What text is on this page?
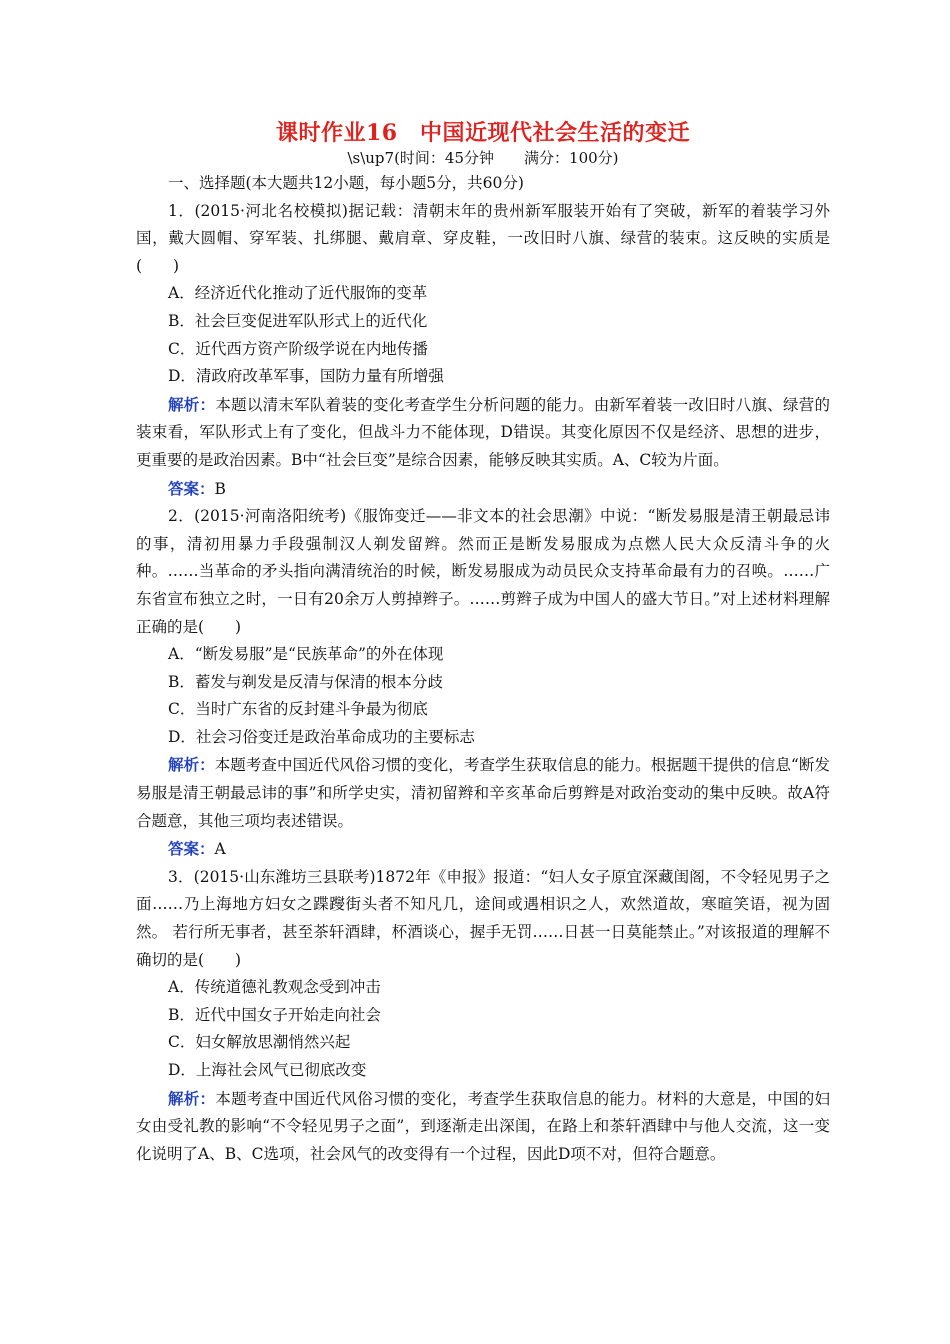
课时作业16　中国近现代社会生活的变迁

\s\up7(时间：45分钟　　满分：100分)

一、选择题(本大题共12小题，每小题5分，共60分)

1．(2015·河北名校模拟)据记载：清朝末年的贵州新军服装开始有了突破，新军的着装学习外国，戴大圆帽、穿军装、扎绑腿、戴肩章、穿皮鞋，一改旧时八旗、绿营的装束。这反映的实质是(　　)

A．经济近代化推动了近代服饰的变革

B．社会巨变促进军队形式上的近代化

C．近代西方资产阶级学说在内地传播

D．清政府改革军事，国防力量有所增强

解析：本题以清末军队着装的变化考查学生分析问题的能力。由新军着装一改旧时八旗、绿营的装束看，军队形式上有了变化，但战斗力不能体现，D错误。其变化原因不仅是经济、思想的进步，更重要的是政治因素。B中“社会巨变”是综合因素，能够反映其实质。A、C较为片面。

答案：B

2．(2015·河南洛阳统考)《服饰变迁——非文本的社会思潮》中说：“断发易服是清王朝最忌讳的事，清初用暴力手段强制汉人剃发留辫。然而正是断发易服成为点燃人民大众反清斗争的火种。……当革命的矛头指向满清统治的时候，断发易服成为动员民众支持革命最有力的召唤。……广东省宣布独立之时，一日有20余万人剪掉辫子。……剪辫子成为中国人的盛大节日。”对上述材料理解正确的是(　　)

A．“断发易服”是“民族革命”的外在体现

B．蓄发与剃发是反清与保清的根本分歧

C．当时广东省的反封建斗争最为彻底

D．社会习俗变迁是政治革命成功的主要标志

解析：本题考查中国近代风俗习惯的变化，考查学生获取信息的能力。根据题干提供的信息“断发易服是清王朝最忌讳的事”和所学史实，清初留辫和辛亥革命后剪辫是对政治变动的集中反映。故A符合题意，其他三项均表述错误。

答案：A

3．(2015·山东潍坊三县联考)1872年《申报》报道：“妇人女子原宜深藏闺阁，不令轻见男子之面……乃上海地方妇女之蹀躞街头者不知凡几，途间或遇相识之人，欢然道故，寒暄笑语，视为固然。 若行所无事者，甚至茶轩酒肆，杯酒谈心，握手无罚……日甚一日莫能禁止。”对该报道的理解不确切的是(　　)

A．传统道德礼教观念受到冲击

B．近代中国女子开始走向社会

C．妇女解放思潮悄然兴起

D．上海社会风气已彻底改变

解析：本题考查中国近代风俗习惯的变化，考查学生获取信息的能力。材料的大意是，中国的妇女由受礼教的影响“不令轻见男子之面”，到逐渐走出深闺，在路上和茶轩酒肆中与他人交流，这一变化说明了A、B、C选项，社会风气的改变得有一个过程，因此D项不对，但符合题意。
